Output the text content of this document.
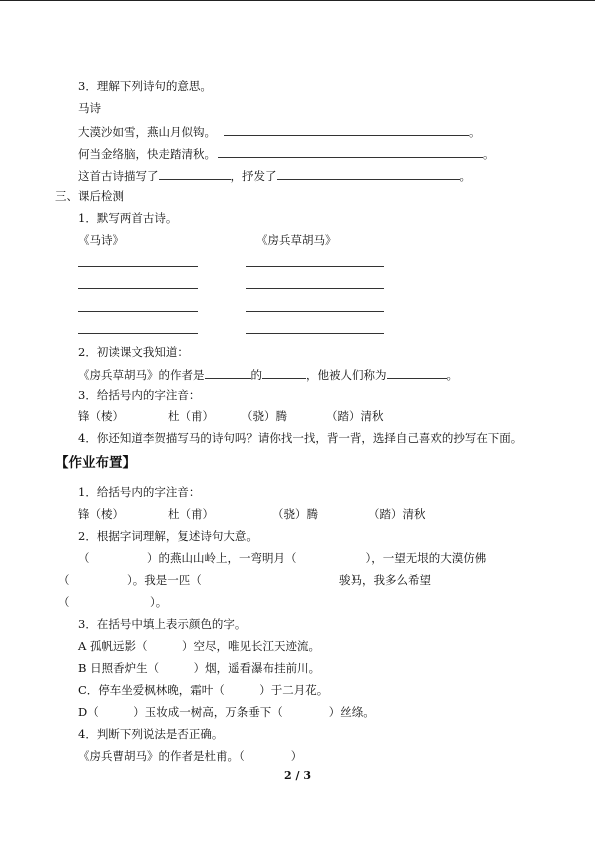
3．理解下列诗句的意思。
马诗
大漠沙如雪，燕山月似钩。	。
何当金络脑，快走踏清秋。	。
这首古诗描写了	，抒发了	。
三、课后检测
1．默写两首古诗。
《马诗》	《房兵草胡马》
2．初读课文我知道：
《房兵草胡马》的作者是	的	，他被人们称为	。
3．给括号内的字注音：
锋（棱）	杜（甫） （骁）腾	（踏）清秋
4．你还知道李贺描写马的诗句吗？请你找一找，背一背，选择自己喜欢的抄写在下面。
【作业布置】
1．给括号内的字注音：
锋（棱）	杜（甫）	（骁）腾	（踏）清秋
2．根据字词理解，复述诗句大意。
（　　　　　）的燕山山岭上，一弯明月（　　　　　　），一望无垠的大漠仿佛
（　　　　　）。我是一匹（　　　　　　　　　　　　　）
骏马，我多么希望
（　　　　　　　）。
3．在括号中填上表示颜色的字。
A 孤帆远影（　　　）空尽，唯见长江天迹流。
B 日照香炉生（　　　）烟，遥看瀑布挂前川。
C．停车坐爱枫林晚，霜叶（　　　）于二月花。
D（　　　）玉妆成一树高，万条垂下（　　　　）丝绦。
4．判断下列说法是否正确。
《房兵曹胡马》的作者是杜甫。（　　　　）
2 / 3
